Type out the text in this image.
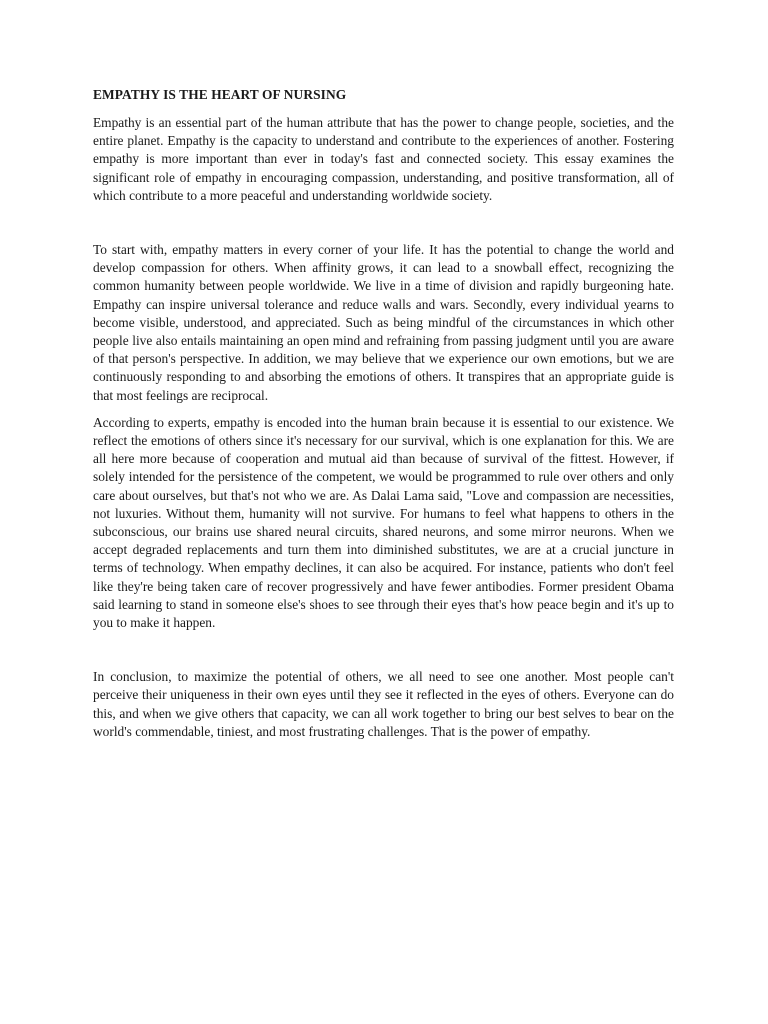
EMPATHY IS THE HEART OF NURSING

Empathy is an essential part of the human attribute that has the power to change people, societies, and the entire planet. Empathy is the capacity to understand and contribute to the experiences of another. Fostering empathy is more important than ever in today's fast and connected society. This essay examines the significant role of empathy in encouraging compassion, understanding, and positive transformation, all of which contribute to a more peaceful and understanding worldwide society.

To start with, empathy matters in every corner of your life. It has the potential to change the world and develop compassion for others. When affinity grows, it can lead to a snowball effect, recognizing the common humanity between people worldwide. We live in a time of division and rapidly burgeoning hate. Empathy can inspire universal tolerance and reduce walls and wars. Secondly, every individual yearns to become visible, understood, and appreciated. Such as being mindful of the circumstances in which other people live also entails maintaining an open mind and refraining from passing judgment until you are aware of that person's perspective. In addition, we may believe that we experience our own emotions, but we are continuously responding to and absorbing the emotions of others. It transpires that an appropriate guide is that most feelings are reciprocal.

According to experts, empathy is encoded into the human brain because it is essential to our existence. We reflect the emotions of others since it's necessary for our survival, which is one explanation for this. We are all here more because of cooperation and mutual aid than because of survival of the fittest. However, if solely intended for the persistence of the competent, we would be programmed to rule over others and only care about ourselves, but that's not who we are. As Dalai Lama said, "Love and compassion are necessities, not luxuries. Without them, humanity will not survive. For humans to feel what happens to others in the subconscious, our brains use shared neural circuits, shared neurons, and some mirror neurons. When we accept degraded replacements and turn them into diminished substitutes, we are at a crucial juncture in terms of technology. When empathy declines, it can also be acquired. For instance, patients who don't feel like they're being taken care of recover progressively and have fewer antibodies. Former president Obama said learning to stand in someone else's shoes to see through their eyes that's how peace begin and it's up to you to make it happen.

In conclusion, to maximize the potential of others, we all need to see one another. Most people can't perceive their uniqueness in their own eyes until they see it reflected in the eyes of others. Everyone can do this, and when we give others that capacity, we can all work together to bring our best selves to bear on the world's commendable, tiniest, and most frustrating challenges. That is the power of empathy.
